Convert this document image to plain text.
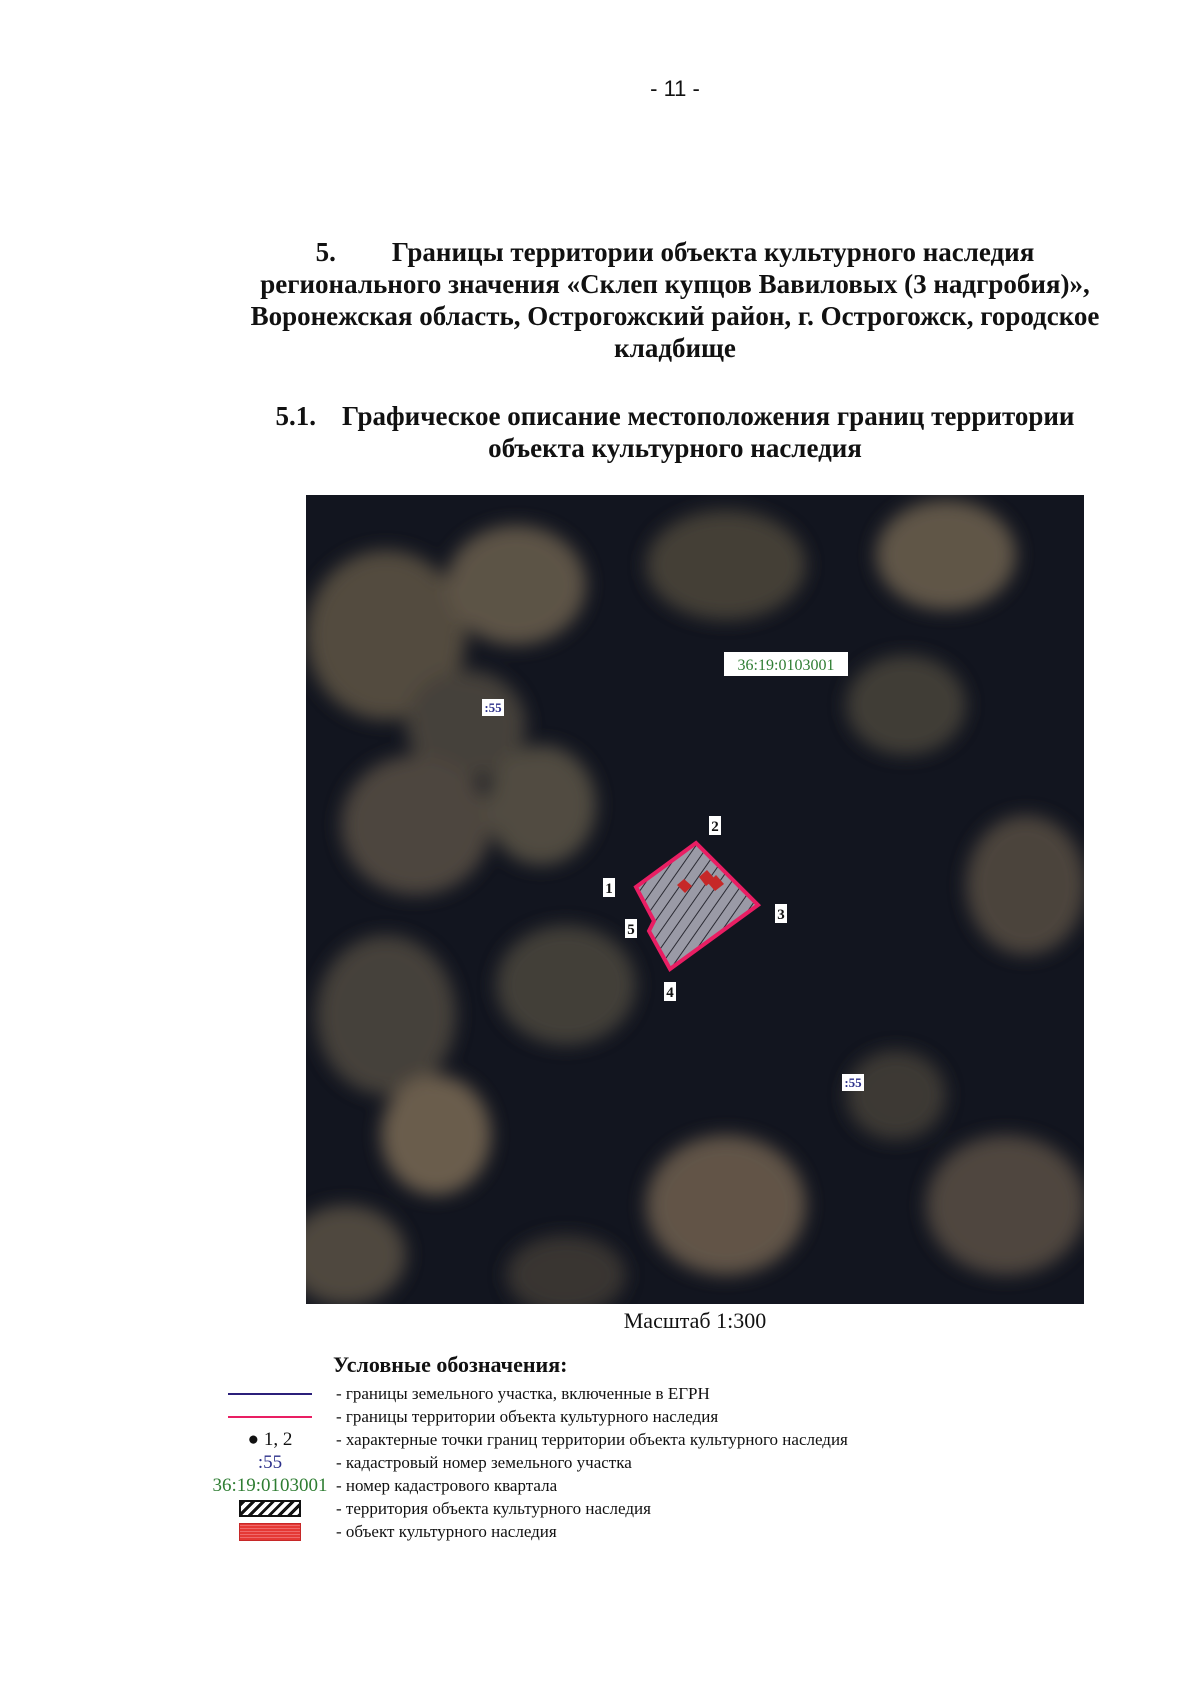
- 11 -
5. Границы территории объекта культурного наследия
регионального значения «Склеп купцов Вавиловых (3 надгробия)»,
Воронежская область, Острогожский район, г. Острогожск, городское
кладбище
5.1. Графическое описание местоположения границ территории
объекта культурного наследия
36:19:0103001
:55
:55
1
2
3
4
5
Масштаб 1:300
Условные обозначения:
- границы земельного участка, включенные в ЕГРН
- границы территории объекта культурного наследия
● 1, 2	- характерные точки границ территории объекта культурного наследия
:55	- кадастровый номер земельного участка
36:19:0103001 - номер кадастрового квартала
- территория объекта культурного наследия
- объект культурного наследия
